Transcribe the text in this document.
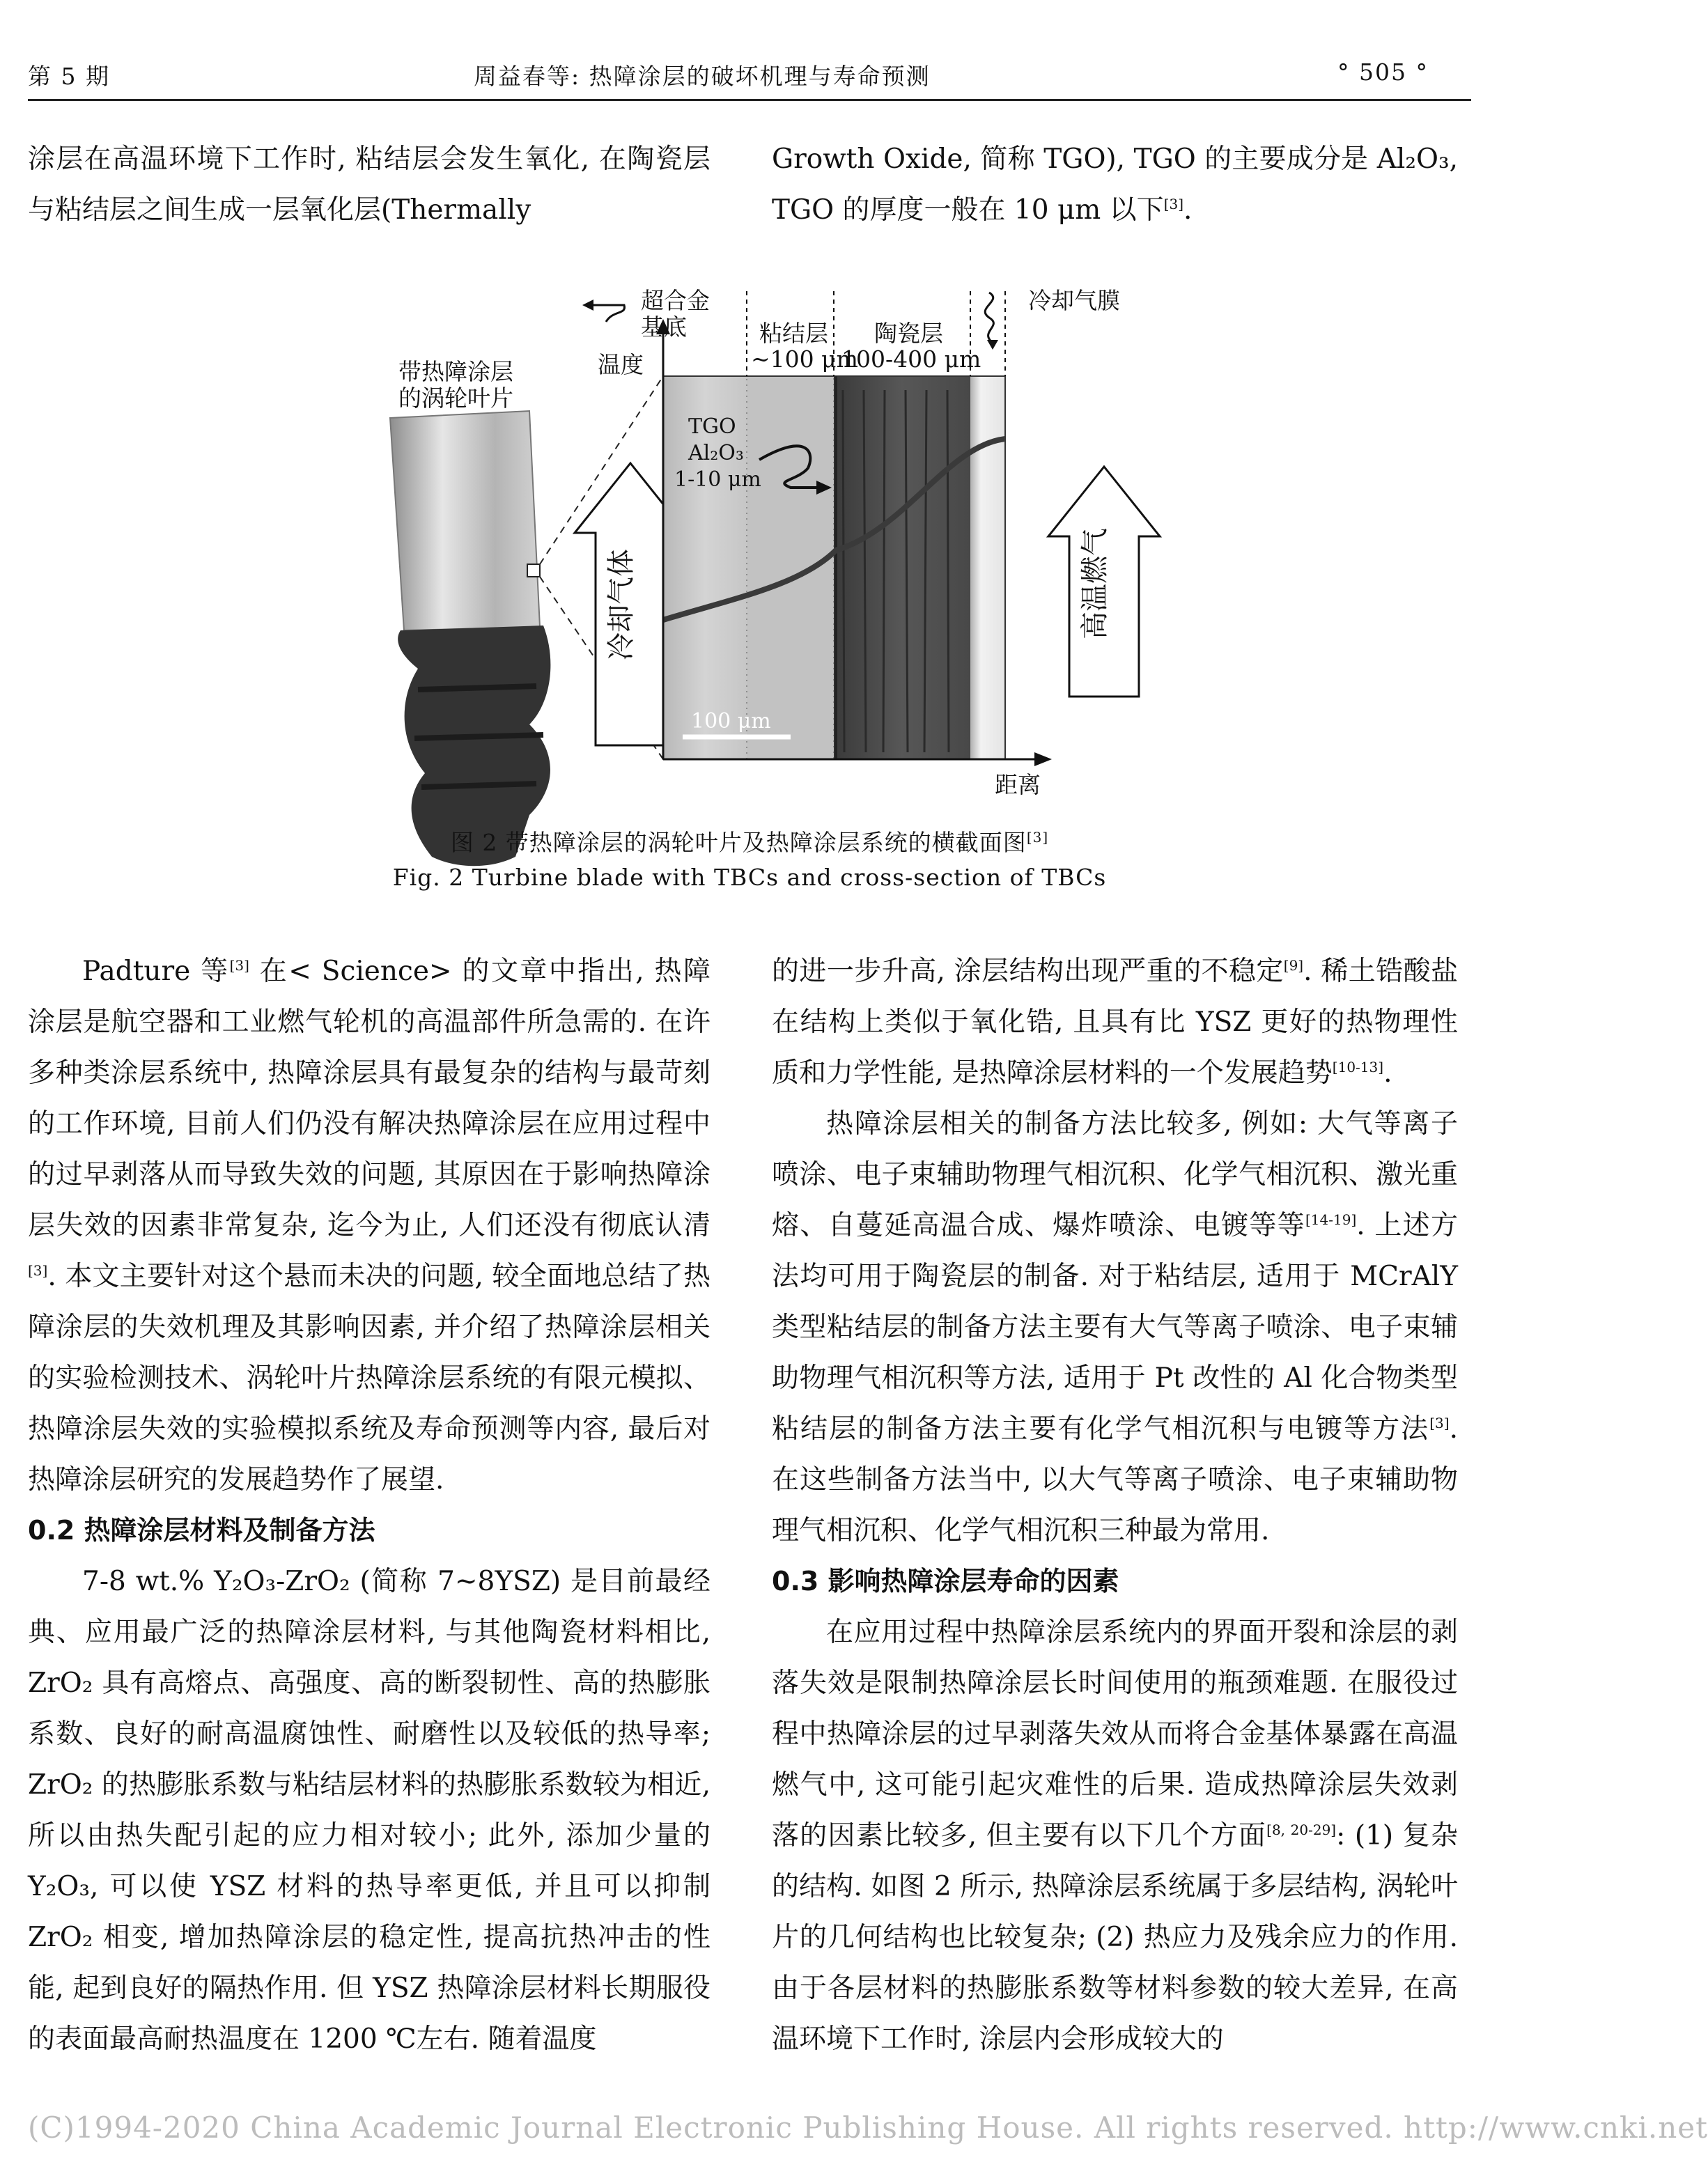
第 5 期	周益春等: 热障涂层的破坏机理与寿命预测	° 505 °

涂层在高温环境下工作时, 粘结层会发生氧化, 在陶瓷层与粘结层之间生成一层氧化层(Thermally

Growth Oxide, 简称 TGO), TGO 的主要成分是 Al₂O₃, TGO 的厚度一般在 10 μm 以下[3].

带热障涂层
的涡轮叶片
超合金
基底
温度
粘结层
~100 μm
陶瓷层
100-400 μm
冷却气膜
距离
TGO
Al₂O₃
1-10 μm
100 μm
冷却气体	高温燃气
图 2 带热障涂层的涡轮叶片及热障涂层系统的横截面图[3]
Fig. 2 Turbine blade with TBCs and cross-section of TBCs

Padture 等[3] 在< Science> 的文章中指出, 热障涂层是航空器和工业燃气轮机的高温部件所急需的. 在许多种类涂层系统中, 热障涂层具有最复杂的结构与最苛刻的工作环境, 目前人们仍没有解决热障涂层在应用过程中的过早剥落从而导致失效的问题, 其原因在于影响热障涂层失效的因素非常复杂, 迄今为止, 人们还没有彻底认清[3]. 本文主要针对这个悬而未决的问题, 较全面地总结了热障涂层的失效机理及其影响因素, 并介绍了热障涂层相关的实验检测技术、涡轮叶片热障涂层系统的有限元模拟、热障涂层失效的实验模拟系统及寿命预测等内容, 最后对热障涂层研究的发展趋势作了展望.

0.2 热障涂层材料及制备方法

7-8 wt.% Y₂O₃-ZrO₂ (简称 7~8YSZ) 是目前最经典、应用最广泛的热障涂层材料, 与其他陶瓷材料相比, ZrO₂ 具有高熔点、高强度、高的断裂韧性、高的热膨胀系数、良好的耐高温腐蚀性、耐磨性以及较低的热导率; ZrO₂ 的热膨胀系数与粘结层材料的热膨胀系数较为相近, 所以由热失配引起的应力相对较小; 此外, 添加少量的 Y₂O₃, 可以使 YSZ 材料的热导率更低, 并且可以抑制 ZrO₂ 相变, 增加热障涂层的稳定性, 提高抗热冲击的性能, 起到良好的隔热作用. 但 YSZ 热障涂层材料长期服役的表面最高耐热温度在 1200 ℃左右. 随着温度

的进一步升高, 涂层结构出现严重的不稳定[9]. 稀土锆酸盐在结构上类似于氧化锆, 且具有比 YSZ 更好的热物理性质和力学性能, 是热障涂层材料的一个发展趋势[10-13].

热障涂层相关的制备方法比较多, 例如: 大气等离子喷涂、电子束辅助物理气相沉积、化学气相沉积、激光重熔、自蔓延高温合成、爆炸喷涂、电镀等等[14-19]. 上述方法均可用于陶瓷层的制备. 对于粘结层, 适用于 MCrAlY 类型粘结层的制备方法主要有大气等离子喷涂、电子束辅助物理气相沉积等方法, 适用于 Pt 改性的 Al 化合物类型粘结层的制备方法主要有化学气相沉积与电镀等方法[3]. 在这些制备方法当中, 以大气等离子喷涂、电子束辅助物理气相沉积、化学气相沉积三种最为常用.

0.3 影响热障涂层寿命的因素

在应用过程中热障涂层系统内的界面开裂和涂层的剥落失效是限制热障涂层长时间使用的瓶颈难题. 在服役过程中热障涂层的过早剥落失效从而将合金基体暴露在高温燃气中, 这可能引起灾难性的后果. 造成热障涂层失效剥落的因素比较多, 但主要有以下几个方面[8, 20-29]: (1) 复杂的结构. 如图 2 所示, 热障涂层系统属于多层结构, 涡轮叶片的几何结构也比较复杂; (2) 热应力及残余应力的作用. 由于各层材料的热膨胀系数等材料参数的较大差异, 在高温环境下工作时, 涂层内会形成较大的

(C)1994-2020 China Academic Journal Electronic Publishing House. All rights reserved. http://www.cnki.net
